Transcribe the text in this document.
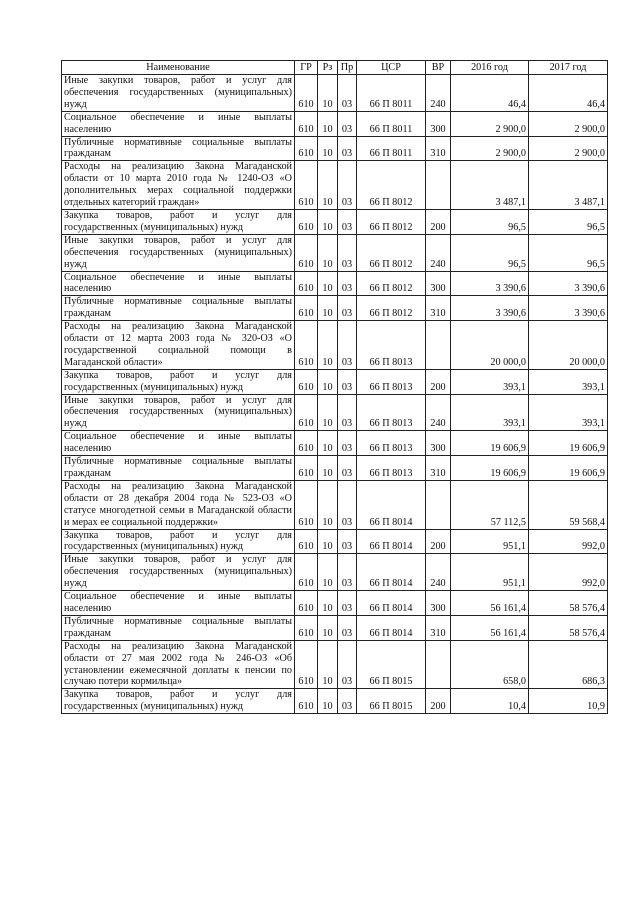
Наименование	ГР	Рз	Пр	ЦСР	ВР	2016 год	2017 год
Иные закупки товаров, работ и услуг для обеспечения государственных (муниципальных) нужд	610	10	03	66 П 8011	240	46,4	46,4
Социальное обеспечение и иные выплаты населению	610	10	03	66 П 8011	300	2 900,0	2 900,0
Публичные нормативные социальные выплаты гражданам	610	10	03	66 П 8011	310	2 900,0	2 900,0
Расходы на реализацию Закона Магаданской области от 10 марта 2010 года № 1240-ОЗ «О дополнительных мерах социальной поддержки отдельных категорий граждан»	610	10	03	66 П 8012		3 487,1	3 487,1
Закупка товаров, работ и услуг для государственных (муниципальных) нужд	610	10	03	66 П 8012	200	96,5	96,5
Иные закупки товаров, работ и услуг для обеспечения государственных (муниципальных) нужд	610	10	03	66 П 8012	240	96,5	96,5
Социальное обеспечение и иные выплаты населению	610	10	03	66 П 8012	300	3 390,6	3 390,6
Публичные нормативные социальные выплаты гражданам	610	10	03	66 П 8012	310	3 390,6	3 390,6
Расходы на реализацию Закона Магаданской области от 12 марта 2003 года № 320-ОЗ «О государственной социальной помощи в Магаданской области»	610	10	03	66 П 8013		20 000,0	20 000,0
Закупка товаров, работ и услуг для государственных (муниципальных) нужд	610	10	03	66 П 8013	200	393,1	393,1
Иные закупки товаров, работ и услуг для обеспечения государственных (муниципальных) нужд	610	10	03	66 П 8013	240	393,1	393,1
Социальное обеспечение и иные выплаты населению	610	10	03	66 П 8013	300	19 606,9	19 606,9
Публичные нормативные социальные выплаты гражданам	610	10	03	66 П 8013	310	19 606,9	19 606,9
Расходы на реализацию Закона Магаданской области от 28 декабря 2004 года № 523-ОЗ «О статусе многодетной семьи в Магаданской области и мерах ее социальной поддержки»	610	10	03	66 П 8014		57 112,5	59 568,4
Закупка товаров, работ и услуг для государственных (муниципальных) нужд	610	10	03	66 П 8014	200	951,1	992,0
Иные закупки товаров, работ и услуг для обеспечения государственных (муниципальных) нужд	610	10	03	66 П 8014	240	951,1	992,0
Социальное обеспечение и иные выплаты населению	610	10	03	66 П 8014	300	56 161,4	58 576,4
Публичные нормативные социальные выплаты гражданам	610	10	03	66 П 8014	310	56 161,4	58 576,4
Расходы на реализацию Закона Магаданской области от 27 мая 2002 года № 246-ОЗ «Об установлении ежемесячной доплаты к пенсии по случаю потери кормильца»	610	10	03	66 П 8015		658,0	686,3
Закупка товаров, работ и услуг для государственных (муниципальных) нужд	610	10	03	66 П 8015	200	10,4	10,9
